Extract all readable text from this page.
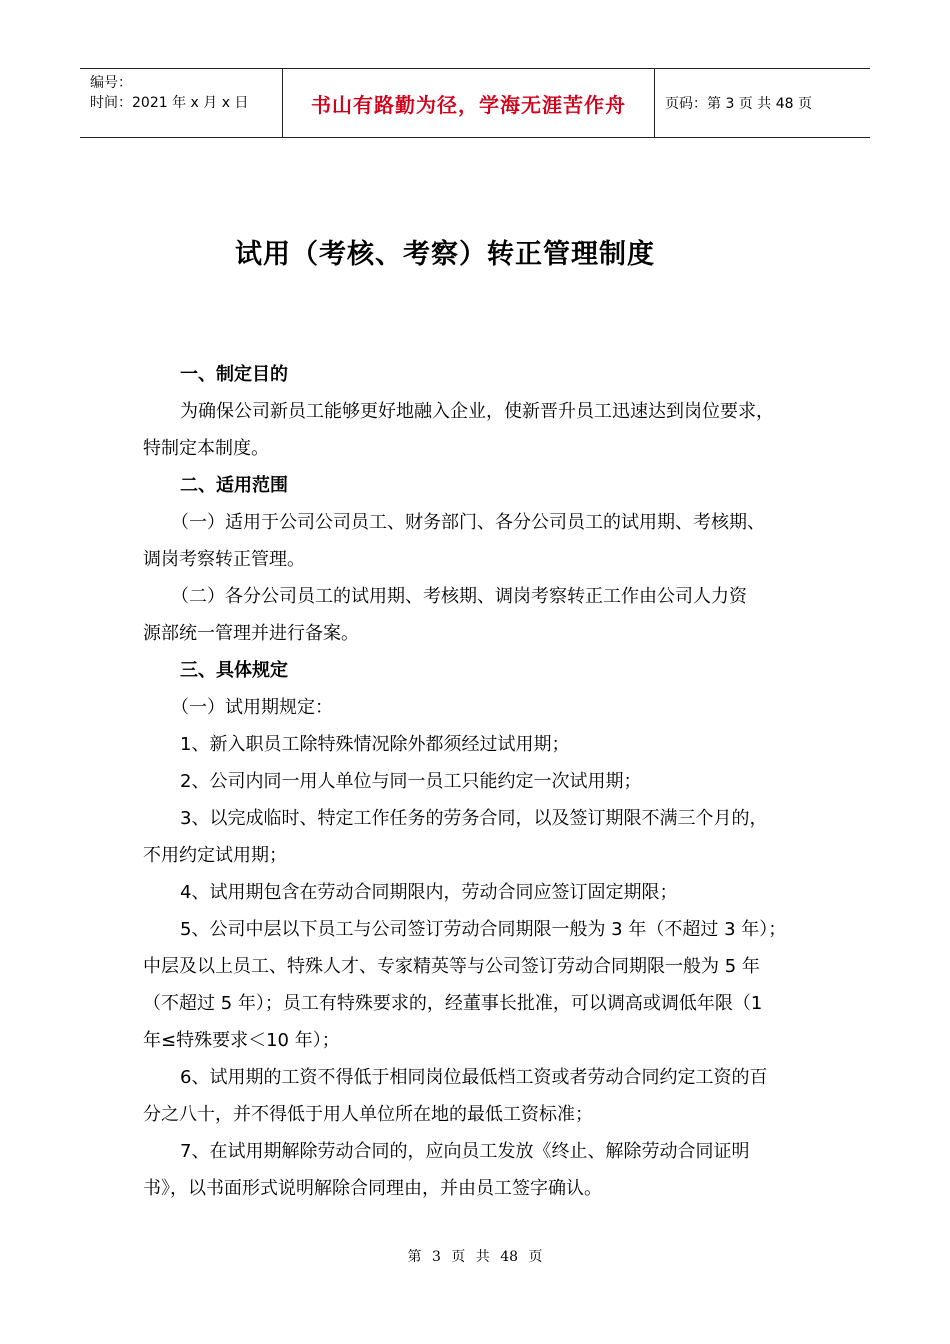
编号：
时间：2021 年 x 月 x 日	书山有路勤为径，学海无涯苦作舟	页码：第 3 页 共 48 页
试用（考核、考察）转正管理制度

一、制定目的

为确保公司新员工能够更好地融入企业，使新晋升员工迅速达到岗位要求，

特制定本制度。

二、适用范围

（一）适用于公司公司员工、财务部门、各分公司员工的试用期、考核期、

调岗考察转正管理。

（二）各分公司员工的试用期、考核期、调岗考察转正工作由公司人力资

源部统一管理并进行备案。

三、具体规定

（一）试用期规定：

1、新入职员工除特殊情况除外都须经过试用期；

2、公司内同一用人单位与同一员工只能约定一次试用期；

3、以完成临时、特定工作任务的劳务合同，以及签订期限不满三个月的，

不用约定试用期；

4、试用期包含在劳动合同期限内，劳动合同应签订固定期限；

5、公司中层以下员工与公司签订劳动合同期限一般为 3 年（不超过 3 年）；

中层及以上员工、特殊人才、专家精英等与公司签订劳动合同期限一般为 5 年

（不超过 5 年）；员工有特殊要求的，经董事长批准，可以调高或调低年限（1

年≤特殊要求＜10 年）；

6、试用期的工资不得低于相同岗位最低档工资或者劳动合同约定工资的百

分之八十，并不得低于用人单位所在地的最低工资标准；

7、在试用期解除劳动合同的，应向员工发放《终止、解除劳动合同证明

书》，以书面形式说明解除合同理由，并由员工签字确认。

第 3 页 共 48 页
